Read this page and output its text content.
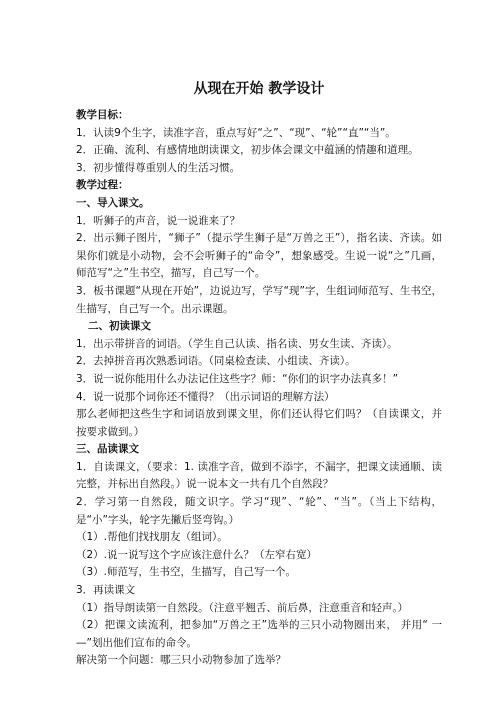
从现在开始 教学设计

教学目标：

1．认读9个生字，读准字音，重点写好“之”、“现”、“轮”“直”“当”。

2．正确、流利、有感情地朗读课文，初步体会课文中蕴涵的情趣和道理。

3．初步懂得尊重别人的生活习惯。

教学过程：

一、导入课文。

1．听狮子的声音，说一说谁来了？

2．出示狮子图片，“狮子”（提示学生狮子是“万兽之王”），指名读、齐读。如果你们就是小动物，会不会听狮子的“命令”，想象感受。生说一说“之”几画，师范写“之”生书空，描写，自己写一个。

3．板书课题“从现在开始”，边说边写，学写“现”字，生组词师范写、生书空，生描写，自己写一个。出示课题。

二、初读课文

1．出示带拼音的词语。（学生自己认读、指名读、男女生读、齐读）。

2．去掉拼音再次熟悉词语。（同桌检查读、小组读、齐读）。

3．说一说你能用什么办法记住这些字？师：“你们的识字办法真多！”

4．说一说那个词你还不懂得？（出示词语的理解方法）

那么老师把这些生字和词语放到课文里，你们还认得它们吗？（自读课文，并按要求做到。）

三、品读课文

1．自读课文，（要求：1. 读准字音，做到不添字，不漏字，把课文读通顺、读完整，并标出自然段。）说一说本文一共有几个自然段？

2．学习第一自然段，随文识字。学习“现”、“轮”、“当”。（当上下结构，是“小”字头，轮字先撇后竖弯钩。）

（1）.帮他们找找朋友（组词）。

（2）.说一说写这个字应该注意什么？（左窄右宽）

（3）.师范写，生书空，生描写，自己写一个。

3．再读课文

（1）指导朗读第一自然段。（注意平翘舌、前后鼻，注意重音和轻声。）

（2）把课文读流利，把参加“万兽之王”选举的三只小动物圈出来， 并用“ 一—”划出他们宣布的命令。

解决第一个问题：哪三只小动物参加了选举？
